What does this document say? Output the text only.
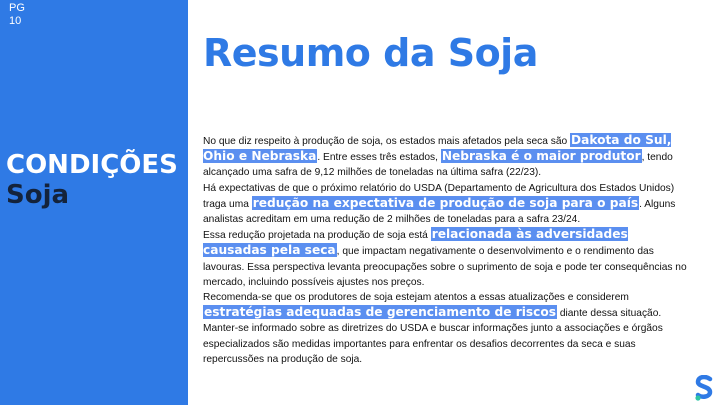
PG
10
CONDIÇÕES
Soja
Resumo da Soja

No que diz respeito à produção de soja, os estados mais afetados pela seca são Dakota do Sul, Ohio e Nebraska. Entre esses três estados, Nebraska é o maior produtor, tendo alcançado uma safra de 9,12 milhões de toneladas na última safra (22/23).

Há expectativas de que o próximo relatório do USDA (Departamento de Agricultura dos Estados Unidos) traga uma redução na expectativa de produção de soja para o país. Alguns analistas acreditam em uma redução de 2 milhões de toneladas para a safra 23/24.

Essa redução projetada na produção de soja está relacionada às adversidades causadas pela seca, que impactam negativamente o desenvolvimento e o rendimento das lavouras. Essa perspectiva levanta preocupações sobre o suprimento de soja e pode ter consequências no mercado, incluindo possíveis ajustes nos preços.

Recomenda-se que os produtores de soja estejam atentos a essas atualizações e considerem estratégias adequadas de gerenciamento de riscos diante dessa situação. Manter-se informado sobre as diretrizes do USDA e buscar informações junto a associações e órgãos especializados são medidas importantes para enfrentar os desafios decorrentes da seca e suas repercussões na produção de soja.
